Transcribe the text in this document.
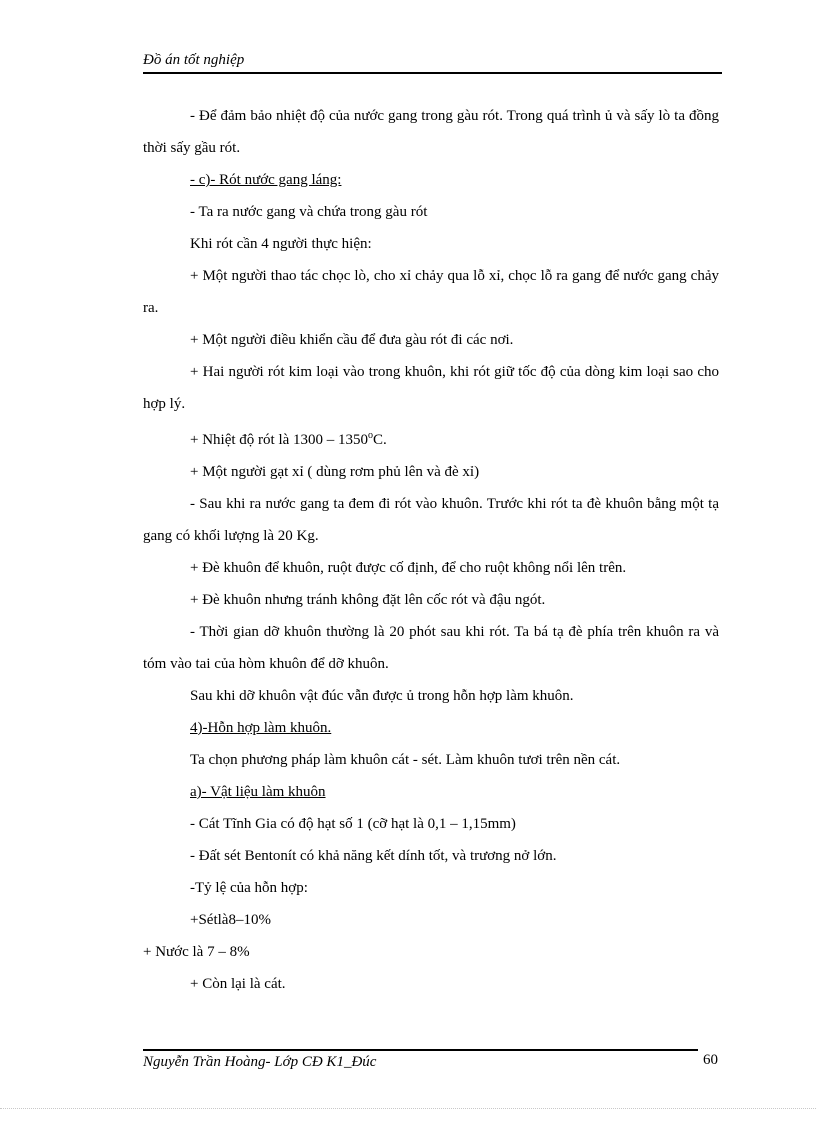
Đồ án tốt nghiệp

- Để đảm bảo nhiệt độ của nước gang trong gàu rót. Trong quá trình ủ và sấy lò ta đồng thời sấy gầu rót.

- c)- Rót nước gang láng:

- Ta ra nước gang và chứa trong gàu rót

Khi rót cần 4 người thực hiện:

+ Một người thao tác chọc lò, cho xỉ chảy qua lỗ xỉ, chọc lỗ ra gang để nước gang chảy ra.

+ Một người điều khiển cầu để đưa gàu rót đi các nơi.

+ Hai người rót kim loại vào trong khuôn, khi rót giữ tốc độ của dòng kim loại sao cho hợp lý.

+ Nhiệt độ rót là 1300 – 1350$^o$C.

+ Một người gạt xỉ ( dùng rơm phủ lên và đè xỉ)

- Sau khi ra nước gang ta đem đi rót vào khuôn. Trước khi rót ta đè khuôn bằng một tạ gang có khối lượng là 20 Kg.

+ Đè khuôn để khuôn, ruột được cố định, để cho ruột không nổi lên trên.

+ Đè khuôn nhưng tránh không đặt lên cốc rót và đậu ngót.

- Thời gian dỡ khuôn thường là 20 phót sau khi rót. Ta bá tạ đè phía trên khuôn ra và tóm vào tai của hòm khuôn để dỡ khuôn.

Sau khi dỡ khuôn vật đúc vẫn được ủ trong hỗn hợp làm khuôn.

4)-Hỗn hợp làm khuôn.

Ta chọn phương pháp làm khuôn cát - sét. Làm khuôn tươi trên nền cát.

a)- Vật liệu làm khuôn

- Cát Tĩnh Gia có độ hạt số 1 (cỡ hạt là 0,1 – 1,15mm)

- Đất sét Bentonít có khả năng kết dính tốt, và trương nở lớn.

-Tỷ lệ của hỗn hợp:

+Sétlà8–10%

+ Nước là 7 – 8%

+ Còn lại là cát.

Nguyễn Trần Hoàng- Lớp CĐ K1_Đúc	60
